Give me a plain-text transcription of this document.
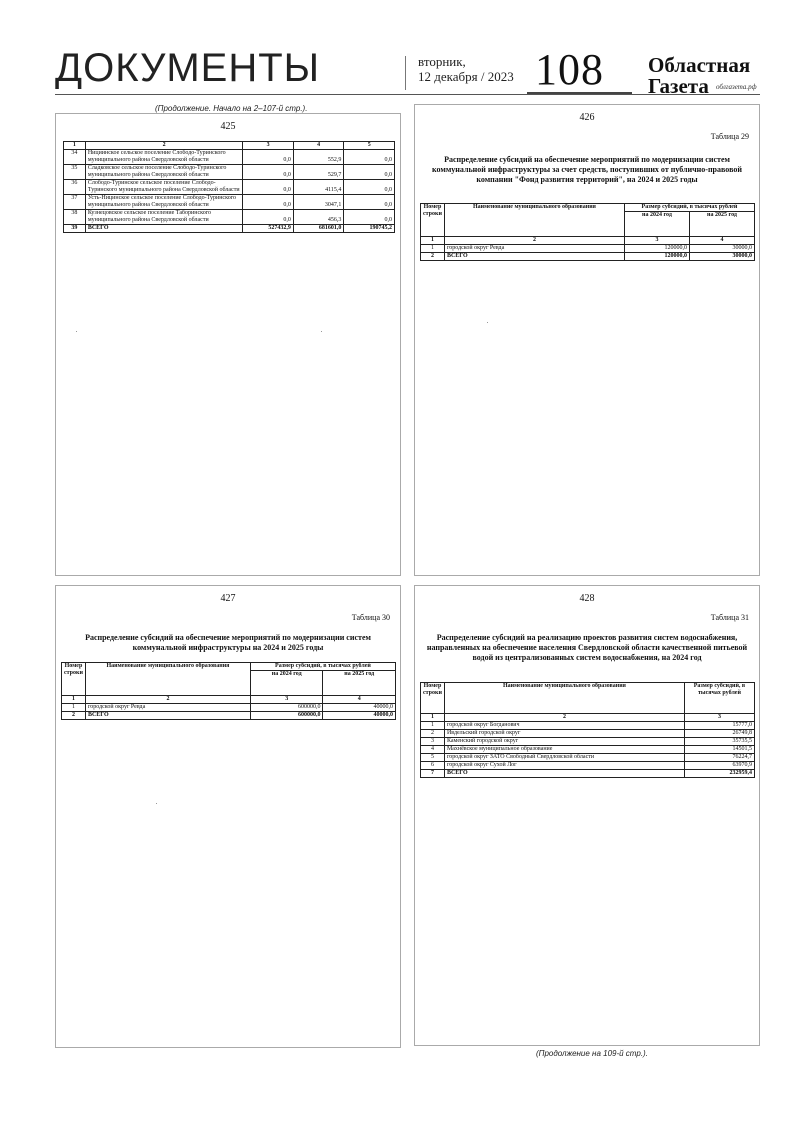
ДОКУМЕНТЫ	вторник,
12 декабря / 2023 108 Областная
Газета	облгазета.рф
(Продолжение. Начало на 2–107-й стр.).
425
1	2	3	4	5
34	Нициинское сельское поселение Слободо-Туринского муниципального района Свердловской области	0,0	552,9	0,0
35	Сладковское сельское поселение Слободо-Туринского муниципального района Свердловской области	0,0	529,7	0,0
36	Слободо-Туринское сельское поселение Слободо-Туринского муниципального района Свердловской области	0,0	4115,4	0,0
37	Усть-Ницинское сельское поселение Слободо-Туринского муниципального района Свердловской области	0,0	3047,1	0,0
38	Кузнецовское сельское поселение Таборинского муниципального района Свердловской области	0,0	456,3	0,0
39	ВСЕГО	527432,9	681601,0	190745,2
426
Таблица 29
Распределение субсидий на обеспечение мероприятий по модернизации систем коммунальной инфраструктуры за счет средств, поступивших от публично-правовой компании "Фонд развития территорий", на 2024 и 2025 годы
Номер строки	Наименование муниципального образования	Размер субсидий, в тысячах рублей	
		на 2024 год	на 2025 год
1	2	3	4
1	городской округ Ревда	120000,0	30000,0
2	ВСЕГО	120000,0	30000,0
427
Таблица 30
Распределение субсидий на обеспечение мероприятий по модернизации систем коммунальной инфраструктуры на 2024 и 2025 годы
Номер строки	Наименование муниципального образования	Размер субсидий, в тысячах рублей	
		на 2024 год	на 2025 год
1	2	3	4
1	городской округ Ревда	600000,0	40000,0
2	ВСЕГО	600000,0	40000,0
428
Таблица 31
Распределение субсидий на реализацию проектов развития систем водоснабжения, направленных на обеспечение населения Свердловской области качественной питьевой водой из централизованных систем водоснабжения, на 2024 год
Номер строки	Наименование муниципального образования	Размер субсидий, в тысячах рублей
1	2	3
1	городской округ Богданович	15777,0
2	Ивдельский городской округ	26749,8
3	Каменский городской округ	35735,5
4	Махнёвское муниципальное образование	14501,5
5	городской округ ЗАТО Свободный Свердловской области	76224,7
6	городской округ Сухой Лог	63970,9
7	ВСЕГО	232959,4
(Продолжение на 109-й стр.).
